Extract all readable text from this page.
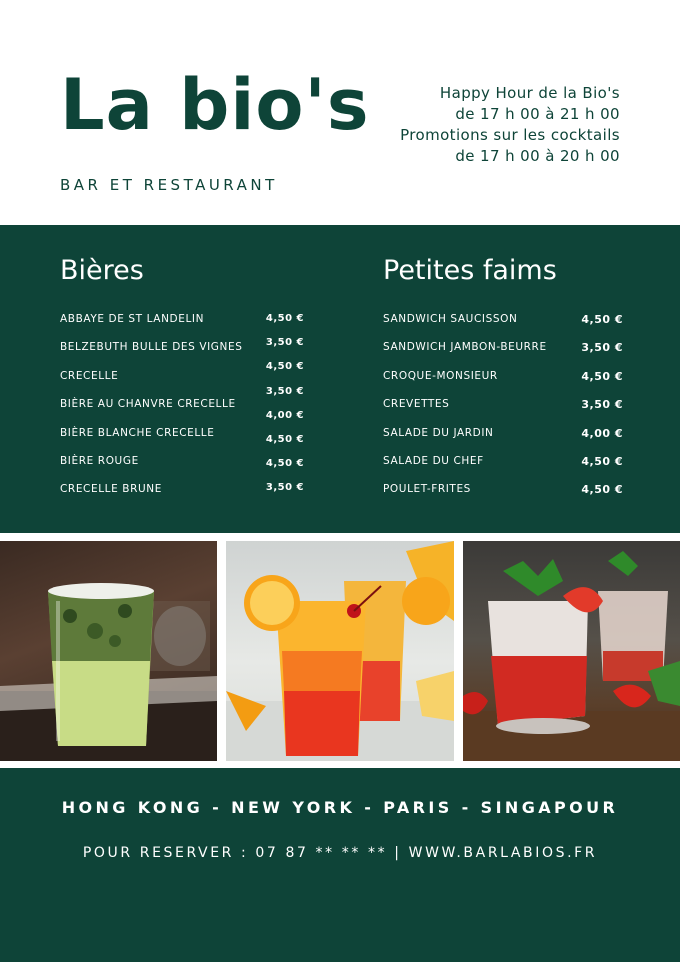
La bio's
BAR ET RESTAURANT
Happy Hour de la Bio's
de 17 h 00 à 21 h 00
Promotions sur les cocktails
de 17 h 00 à 20 h 00
Bières
ABBAYE DE ST LANDELIN
BELZEBUTH BULLE DES VIGNES
CRECELLE
BIÈRE AU CHANVRE CRECELLE
BIÈRE BLANCHE CRECELLE
BIÈRE ROUGE
CRECELLE BRUNE
4,50 €
3,50 €
4,50 €
3,50 €
4,00 €
4,50 €
4,50 €
3,50 €
Petites faims
SANDWICH SAUCISSON
SANDWICH JAMBON-BEURRE
CROQUE-MONSIEUR
CREVETTES
SALADE DU JARDIN
SALADE DU CHEF
POULET-FRITES
4,50 €
3,50 €
4,50 €
3,50 €
4,00 €
4,50 €
4,50 €
HONG KONG - NEW YORK - PARIS - SINGAPOUR
POUR RESERVER : 07 87 ** ** ** | WWW.BARLABIOS.FR
